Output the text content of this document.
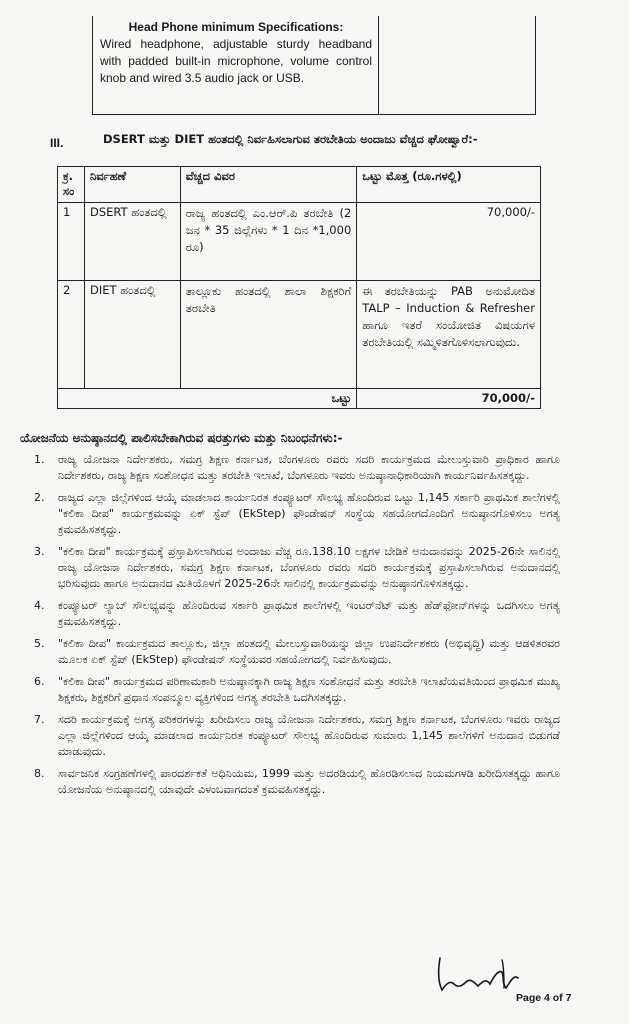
Head Phone minimum Specifications:
Wired headphone, adjustable sturdy headband with padded built-in microphone, volume control knob and wired 3.5 audio jack or USB.
III.	DSERT ಮತ್ತು DIET ಹಂತದಲ್ಲಿ ನಿರ್ವಹಿಸಲಾಗುವ ತರಬೇತಿಯ ಅಂದಾಜು ವೆಚ್ಚದ ಘೋಷ್ವಾರೆ:-
ಕ್ರ. ಸಂ	ನಿರ್ವಹಣೆ	ವೆಚ್ಚದ ವಿವರ	ಒಟ್ಟು ಮೊತ್ತ (ರೂ.ಗಳಲ್ಲಿ)
1	DSERT ಹಂತದಲ್ಲಿ	ರಾಜ್ಯ ಹಂತದಲ್ಲಿ ಎಂ.ಆರ್.ಪಿ ತರಬೇತಿ (2 ಜನ * 35 ಜಿಲ್ಲೆಗಳು * 1 ದಿನ *1,000 ರೂ)	70,000/-
2	DIET ಹಂತದಲ್ಲಿ	ತಾಲ್ಲೂಕು ಹಂತದಲ್ಲಿ ಶಾಲಾ ಶಿಕ್ಷಕರಿಗೆ ತರಬೇತಿ	ಈ ತರಬೇತಿಯನ್ನು PAB ಅನುಮೋದಿತ TALP – Induction & Refresher ಹಾಗೂ ಇತರೆ ಸಂಯೋಜಿತ ವಿಷಯಗಳ ತರಬೇತಿಯಲ್ಲಿ ಸಮ್ಮಿಳಿತಗೊಳಿಸಲಾಗುವುದು.
ಒಟ್ಟು			70,000/-
ಯೋಜನೆಯ ಅನುಷ್ಠಾನದಲ್ಲಿ ಪಾಲಿಸಬೇಕಾಗಿರುವ ಷರತ್ತುಗಳು ಮತ್ತು ನಿಬಂಧನೆಗಳು:-
1. ರಾಜ್ಯ ಯೋಜನಾ ನಿರ್ದೇಶಕರು, ಸಮಗ್ರ ಶಿಕ್ಷಣ ಕರ್ನಾಟಕ, ಬೆಂಗಳೂರು ರವರು ಸದರಿ ಕಾರ್ಯಕ್ರಮದ ಮೇಲುಸ್ತುವಾರಿ ಪ್ರಾಧಿಕಾರ ಹಾಗೂ ನಿರ್ದೇಶಕರು, ರಾಜ್ಯ ಶಿಕ್ಷಣ ಸಂಶೋಧನ ಮತ್ತು ತರಬೇತಿ ಇಲಾಖೆ, ಬೆಂಗಳೂರು ಇವರು ಅನುಷ್ಠಾನಾಧಿಕಾರಿಯಾಗಿ ಕಾರ್ಯನಿರ್ವಹಿಸತಕ್ಕದ್ದು.
2. ರಾಜ್ಯದ ಎಲ್ಲಾ ಜಿಲ್ಲೆಗಳಿಂದ ಆಯ್ಕೆ ಮಾಡಲಾದ ಕಾರ್ಯನಿರತ ಕಂಪ್ಯೂಟರ್ ಸೌಲಭ್ಯ ಹೊಂದಿರುವ ಒಟ್ಟು 1,145 ಸರ್ಕಾರಿ ಪ್ರಾಥಮಿಕ ಶಾಲೆಗಳಲ್ಲಿ "ಕಲಿಕಾ ದೀಪ" ಕಾರ್ಯಕ್ರಮವನ್ನು ಏಕ್ ಸ್ಟೆಪ್ (EkStep) ಫೌಂಡೇಷನ್ ಸಂಸ್ಥೆಯ ಸಹಯೋಗದೊಂದಿಗೆ ಅನುಷ್ಠಾನಗೊಳಿಸಲು ಅಗತ್ಯ ಕ್ರಮವಹಿಸತಕ್ಕದ್ದು.
3. "ಕಲಿಕಾ ದೀಪ" ಕಾರ್ಯಕ್ರಮಕ್ಕೆ ಪ್ರಸ್ತಾಪಿಸಲಾಗಿರುವ ಅಂದಾಜು ವೆಚ್ಚ ರೂ.138.10 ಲಕ್ಷಗಳ ಬೇಡಿಕೆ ಅನುದಾನವನ್ನು 2025-26ನೇ ಸಾಲಿನಲ್ಲಿ ರಾಜ್ಯ ಯೋಜನಾ ನಿರ್ದೇಶಕರು, ಸಮಗ್ರ ಶಿಕ್ಷಣ ಕರ್ನಾಟಕ, ಬೆಂಗಳೂರು ರವರು ಸದರಿ ಕಾರ್ಯಕ್ರಮಕ್ಕೆ ಪ್ರಸ್ತಾಪಿಸಲಾಗಿರುವ ಅನುದಾನದಲ್ಲಿ ಭರಿಸುವುದು ಹಾಗೂ ಅನುದಾನದ ಮಿತಿಯೊಳಗೆ 2025-26ನೇ ಸಾಲಿನಲ್ಲಿ ಕಾರ್ಯಕ್ರಮವನ್ನು ಅನುಷ್ಠಾನಗೊಳಿಸತಕ್ಕದ್ದು.
4. ಕಂಪ್ಯೂಟರ್ ಲ್ಯಾಬ್ ಸೌಲಭ್ಯವನ್ನು ಹೊಂದಿರುವ ಸರ್ಕಾರಿ ಪ್ರಾಥಮಿಕ ಶಾಲೆಗಳಲ್ಲಿ ಇಂಟರ್‌ನೆಟ್ ಮತ್ತು ಹೆಡ್‌ಫೋನ್‌ಗಳನ್ನು ಒದಗಿಸಲು ಅಗತ್ಯ ಕ್ರಮವಹಿಸತಕ್ಕದ್ದು.
5. "ಕಲಿಕಾ ದೀಪ" ಕಾರ್ಯಕ್ರಮದ ತಾಲ್ಲೂಕು, ಜಿಲ್ಲಾ ಹಂತದಲ್ಲಿ ಮೇಲುಸ್ತುವಾರಿಯನ್ನು ಜಿಲ್ಲಾ ಉಪನಿರ್ದೇಶಕರು (ಅಭಿವೃದ್ಧಿ) ಮತ್ತು ಆಡಳಿತರವರ ಮೂಲಕ ಏಕ್ ಸ್ಟೆಪ್ (EkStep) ಫೌಂಡೇಷನ್ ಸಂಸ್ಥೆಯವರ ಸಹಯೋಗದಲ್ಲಿ ನಿರ್ವಹಿಸುವುದು.
6. "ಕಲಿಕಾ ದೀಪ" ಕಾರ್ಯಕ್ರಮದ ಪರಿಣಾಮಕಾರಿ ಅನುಷ್ಠಾನಕ್ಕಾಗಿ ರಾಜ್ಯ ಶಿಕ್ಷಣ ಸಂಶೋಧನೆ ಮತ್ತು ತರಬೇತಿ ಇಲಾಖೆಯವತಿಯಿಂದ ಪ್ರಾಥಮಿಕ ಮುಖ್ಯ ಶಿಕ್ಷಕರು, ಶಿಕ್ಷಕರಿಗೆ ಪ್ರಧಾನ ಸಂಪನ್ಮೂಲ ವ್ಯಕ್ತಿಗಳಿಂದ ಅಗತ್ಯ ತರಬೇತಿ ಒದಗಿಸತಕ್ಕದ್ದು.
7. ಸದರಿ ಕಾರ್ಯಕ್ರಮಕ್ಕೆ ಅಗತ್ಯ ಪರಿಕರಗಳನ್ನು ಖರೀದಿಸಲು ರಾಜ್ಯ ಯೋಜನಾ ನಿರ್ದೇಶಕರು, ಸಮಗ್ರ ಶಿಕ್ಷಣ ಕರ್ನಾಟಕ, ಬೆಂಗಳೂರು ಇವರು ರಾಜ್ಯದ ಎಲ್ಲಾ ಜಿಲ್ಲೆಗಳಿಂದ ಆಯ್ಕೆ ಮಾಡಲಾದ ಕಾರ್ಯನಿರತ ಕಂಪ್ಯೂಟರ್ ಸೌಲಭ್ಯ ಹೊಂದಿರುವ ಸುಮಾರು 1,145 ಶಾಲೆಗಳಿಗೆ ಅನುದಾನ ಬಿಡುಗಡೆ ಮಾಡುವುದು.
8. ಸಾರ್ವಜನಿಕ ಸಂಗ್ರಹಣೆಗಳಲ್ಲಿ ಪಾರದರ್ಶಕತೆ ಅಧಿನಿಯಮ, 1999 ಮತ್ತು ಅದರಡಿಯಲ್ಲಿ ಹೊರಡಿಸಲಾದ ನಿಯಮಗಳಡಿ ಖರೀದಿಸತಕ್ಕದ್ದು ಹಾಗೂ ಯೋಜನೆಯ ಅನುಷ್ಠಾನದಲ್ಲಿ ಯಾವುದೇ ವಿಳಂಬವಾಗದಂತೆ ಕ್ರಮವಹಿಸತಕ್ಕದ್ದು.
Page 4 of 7
